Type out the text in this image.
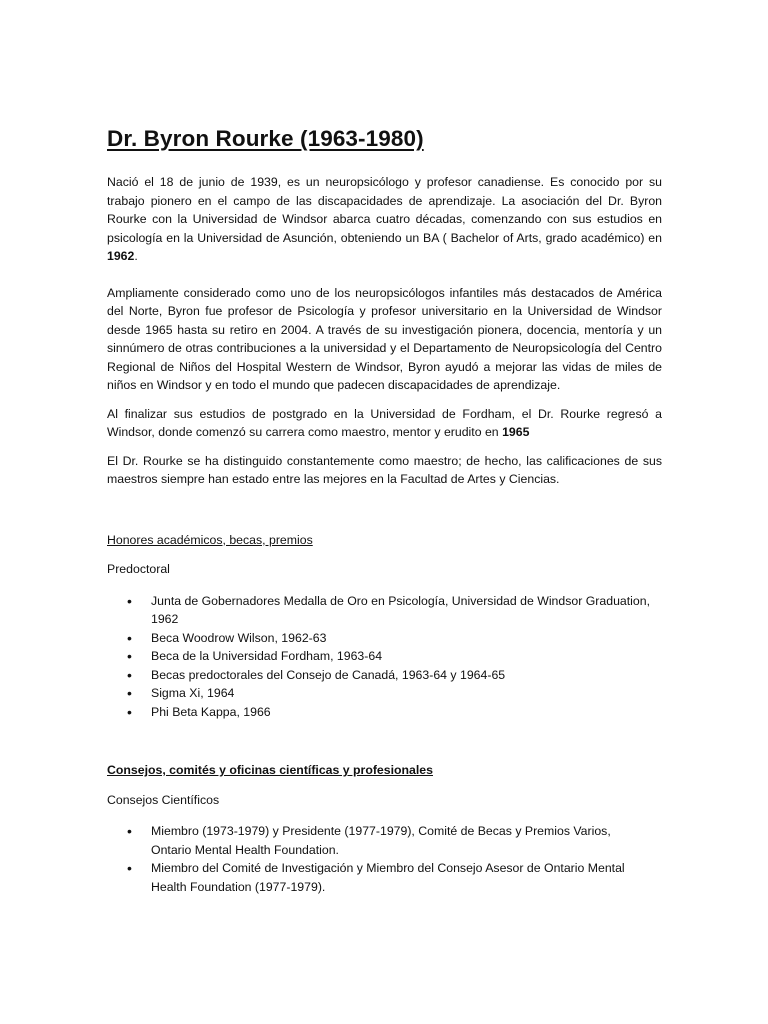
Dr. Byron Rourke (1963-1980)

Nació el 18 de junio de 1939, es un neuropsicólogo y profesor canadiense. Es conocido por su trabajo pionero en el campo de las discapacidades de aprendizaje. La asociación del Dr. Byron Rourke con la Universidad de Windsor abarca cuatro décadas, comenzando con sus estudios en psicología en la Universidad de Asunción, obteniendo un BA ( Bachelor of Arts, grado académico) en 1962.

Ampliamente considerado como uno de los neuropsicólogos infantiles más destacados de América del Norte, Byron fue profesor de Psicología y profesor universitario en la Universidad de Windsor desde 1965 hasta su retiro en 2004. A través de su investigación pionera, docencia, mentoría y un sinnúmero de otras contribuciones a la universidad y el Departamento de Neuropsicología del Centro Regional de Niños del Hospital Western de Windsor, Byron ayudó a mejorar las vidas de miles de niños en Windsor y en todo el mundo que padecen discapacidades de aprendizaje.

Al finalizar sus estudios de postgrado en la Universidad de Fordham, el Dr. Rourke regresó a Windsor, donde comenzó su carrera como maestro, mentor y erudito en 1965

El Dr. Rourke se ha distinguido constantemente como maestro; de hecho, las calificaciones de sus maestros siempre han estado entre las mejores en la Facultad de Artes y Ciencias.

Honores académicos, becas, premios
Predoctoral
• Junta de Gobernadores Medalla de Oro en Psicología, Universidad de Windsor Graduation, 1962
• Beca Woodrow Wilson, 1962-63
• Beca de la Universidad Fordham, 1963-64
• Becas predoctorales del Consejo de Canadá, 1963-64 y 1964-65
• Sigma Xi, 1964
• Phi Beta Kappa, 1966
Consejos, comités y oficinas científicas y profesionales
Consejos Científicos
• Miembro (1973-1979) y Presidente (1977-1979), Comité de Becas y Premios Varios, Ontario Mental Health Foundation.
• Miembro del Comité de Investigación y Miembro del Consejo Asesor de Ontario Mental Health Foundation (1977-1979).
